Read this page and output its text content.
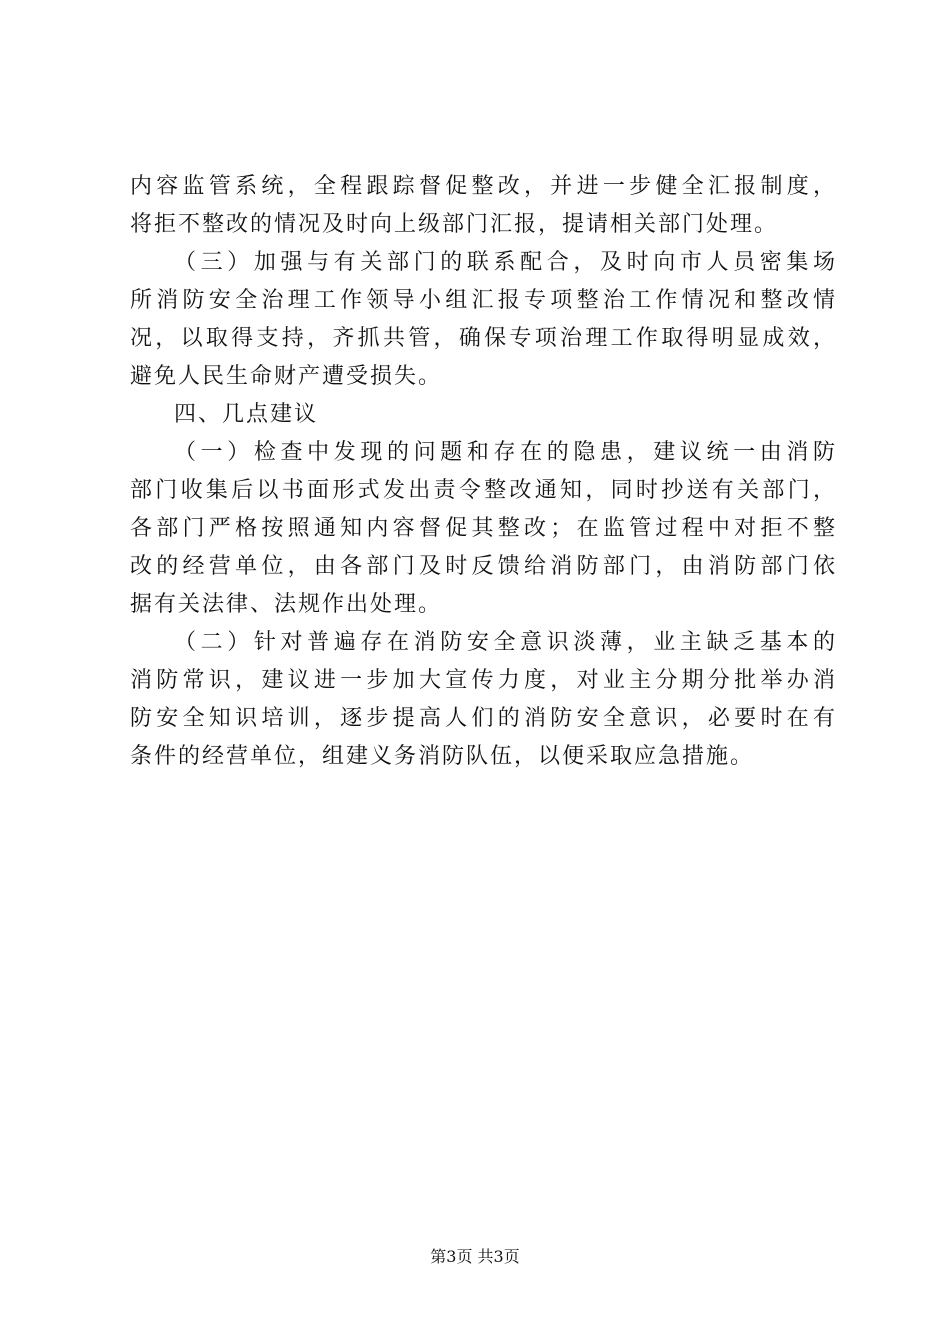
内容监管系统，全程跟踪督促整改，并进一步健全汇报制度，
将拒不整改的情况及时向上级部门汇报，提请相关部门处理。
（三）加强与有关部门的联系配合，及时向市人员密集场
所消防安全治理工作领导小组汇报专项整治工作情况和整改情
况，以取得支持，齐抓共管，确保专项治理工作取得明显成效，
避免人民生命财产遭受损失。
四、几点建议
（一）检查中发现的问题和存在的隐患，建议统一由消防
部门收集后以书面形式发出责令整改通知，同时抄送有关部门，
各部门严格按照通知内容督促其整改；在监管过程中对拒不整
改的经营单位，由各部门及时反馈给消防部门，由消防部门依
据有关法律、法规作出处理。
（二）针对普遍存在消防安全意识淡薄，业主缺乏基本的
消防常识，建议进一步加大宣传力度，对业主分期分批举办消
防安全知识培训，逐步提高人们的消防安全意识，必要时在有
条件的经营单位，组建义务消防队伍，以便采取应急措施。
第3页 共3页
